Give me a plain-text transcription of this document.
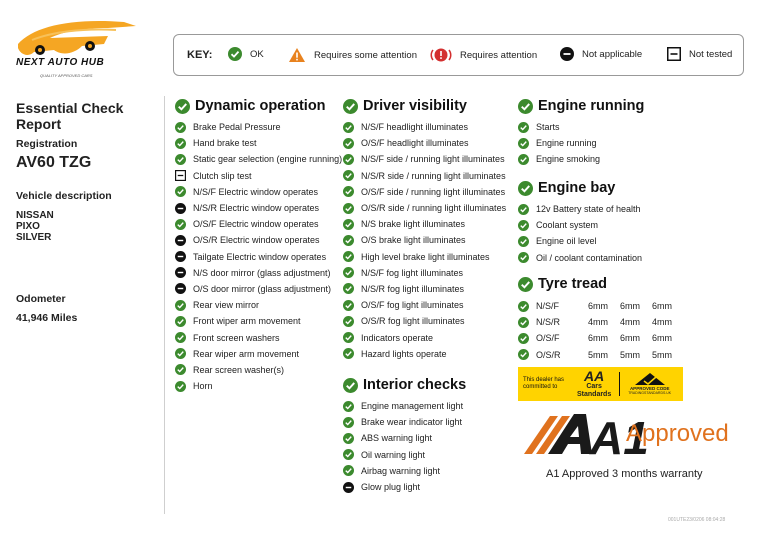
NEXT AUTO HUB
QUALITY APPROVED CARS
KEY:	OK	Requires some attention	Requires attention	Not applicable	Not tested
Essential Check Report
Registration
AV60 TZG
Vehicle description
NISSAN
PIXO
SILVER
Odometer
41,946 Miles
Dynamic operation
Brake Pedal Pressure
Hand brake test
Static gear selection (engine running)
Clutch slip test
N/S/F Electric window operates
N/S/R Electric window operates
O/S/F Electric window operates
O/S/R Electric window operates
Tailgate Electric window operates
N/S door mirror (glass adjustment)
O/S door mirror (glass adjustment)
Rear view mirror
Front wiper arm movement
Front screen washers
Rear wiper arm movement
Rear screen washer(s)
Horn
Driver visibility
N/S/F headlight illuminates
O/S/F headlight illuminates
N/S/F side / running light illuminates
N/S/R side / running light illuminates
O/S/F side / running light illuminates
O/S/R side / running light illuminates
N/S brake light illuminates
O/S brake light illuminates
High level brake light illuminates
N/S/F fog light illuminates
N/S/R fog light illuminates
O/S/F fog light illuminates
O/S/R fog light illuminates
Indicators operate
Hazard lights operate
Interior checks
Engine management light
Brake wear indicator light
ABS warning light
Oil warning light
Airbag warning light
Glow plug light
Engine running
Starts
Engine running
Engine smoking
Engine bay
12v Battery state of health
Coolant system
Engine oil level
Oil / coolant contamination
Tyre tread
N/S/F	6mm	6mm	6mm
N/S/R	4mm	4mm	4mm
O/S/F	6mm	6mm	6mm
O/S/R	5mm	5mm	5mm
This dealer has committed to
AA
Cars
Standards
APPROVED CODE
TRADINGSTANDARDS.UK
A1
Approved
A1 Approved 3 months warranty
001UTE23/0206 08:04:28
